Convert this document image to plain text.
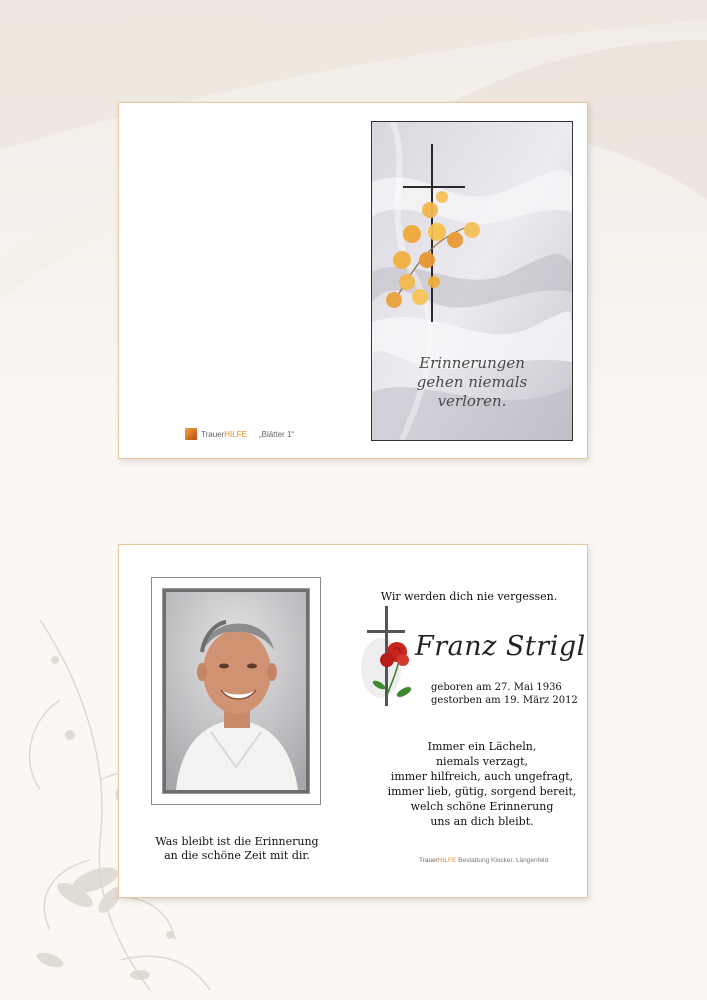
Erinnerungen
gehen niemals
verloren.
Trauer HILFE „Blätter 1“
Was bleibt ist die Erinnerung
an die schöne Zeit mit dir.
Wir werden dich nie vergessen.
Franz Strigl
geboren am 27. Mai 1936
gestorben am 19. März 2012
Immer ein Lächeln,
niemals verzagt,
immer hilfreich, auch ungefragt,
immer lieb, gütig, sorgend bereit,
welch schöne Erinnerung
uns an dich bleibt.
TrauerHILFE Bestattung Klocker, Längenfeld
